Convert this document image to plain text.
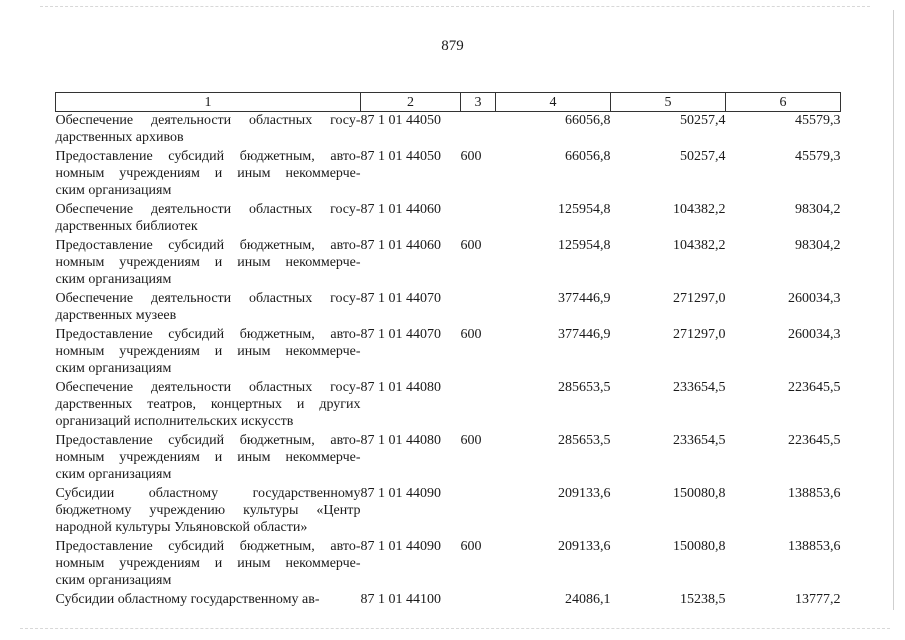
879
1	2	3	4	5	6

Обеспечение деятельности областных госу-
дарственных архивов	87 1 01 44050		66056,8	50257,4	45579,3

Предоставление субсидий бюджетным, авто-
номным учреждениям и иным некоммерче-
ским организациям	87 1 01 44050	600	66056,8	50257,4	45579,3

Обеспечение деятельности областных госу-
дарственных библиотек	87 1 01 44060		125954,8	104382,2	98304,2

Предоставление субсидий бюджетным, авто-
номным учреждениям и иным некоммерче-
ским организациям	87 1 01 44060	600	125954,8	104382,2	98304,2

Обеспечение деятельности областных госу-
дарственных музеев	87 1 01 44070		377446,9	271297,0	260034,3

Предоставление субсидий бюджетным, авто-
номным учреждениям и иным некоммерче-
ским организациям	87 1 01 44070	600	377446,9	271297,0	260034,3

Обеспечение деятельности областных госу-
дарственных театров, концертных и других
организаций исполнительских искусств	87 1 01 44080		285653,5	233654,5	223645,5

Предоставление субсидий бюджетным, авто-
номным учреждениям и иным некоммерче-
ским организациям	87 1 01 44080	600	285653,5	233654,5	223645,5

Субсидии областному государственному
бюджетному учреждению культуры «Центр
народной культуры Ульяновской области»	87 1 01 44090		209133,6	150080,8	138853,6

Предоставление субсидий бюджетным, авто-
номным учреждениям и иным некоммерче-
ским организациям	87 1 01 44090	600	209133,6	150080,8	138853,6

Субсидии областному государственному ав-	87 1 01 44100		24086,1	15238,5	13777,2
